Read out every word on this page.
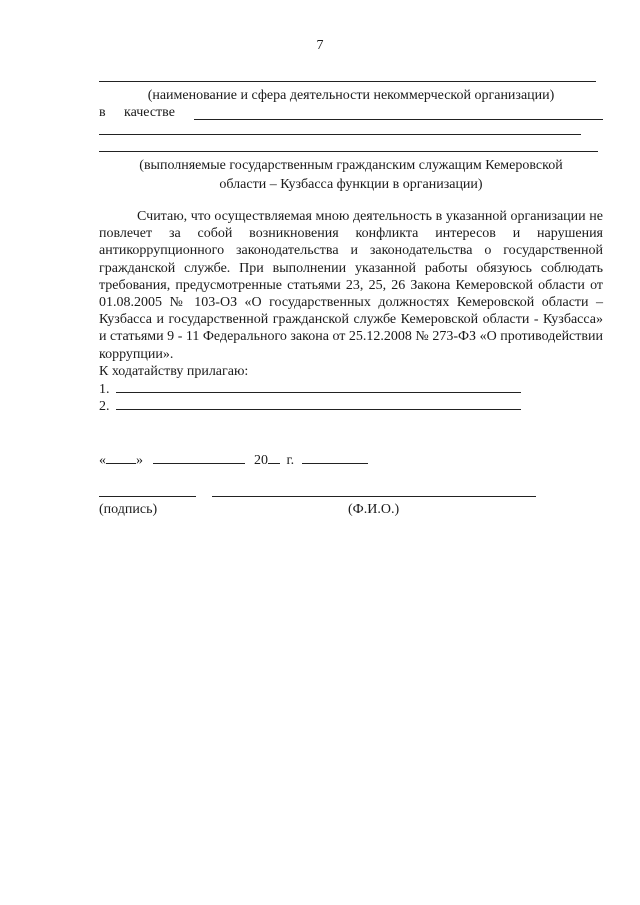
7
(наименование и сфера деятельности некоммерческой организации)
в качестве
(выполняемые государственным гражданским служащим Кемеровской
области – Кузбасса функции в организации)
Считаю, что осуществляемая мною деятельность в указанной организации не повлечет за собой возникновения конфликта интересов и нарушения антикоррупционного законодательства и законодательства о государственной гражданской службе. При выполнении указанной работы обязуюсь соблюдать требования, предусмотренные статьями 23, 25, 26 Закона Кемеровской области от 01.08.2005 № 103-ОЗ «О государственных должностях Кемеровской области – Кузбасса и государственной гражданской службе Кемеровской области - Кузбасса» и статьями 9 - 11 Федерального закона от 25.12.2008 № 273-ФЗ «О противодействии коррупции».
К ходатайству прилагаю:
1.
2.
« »	20 г.
(подпись)	(Ф.И.О.)
